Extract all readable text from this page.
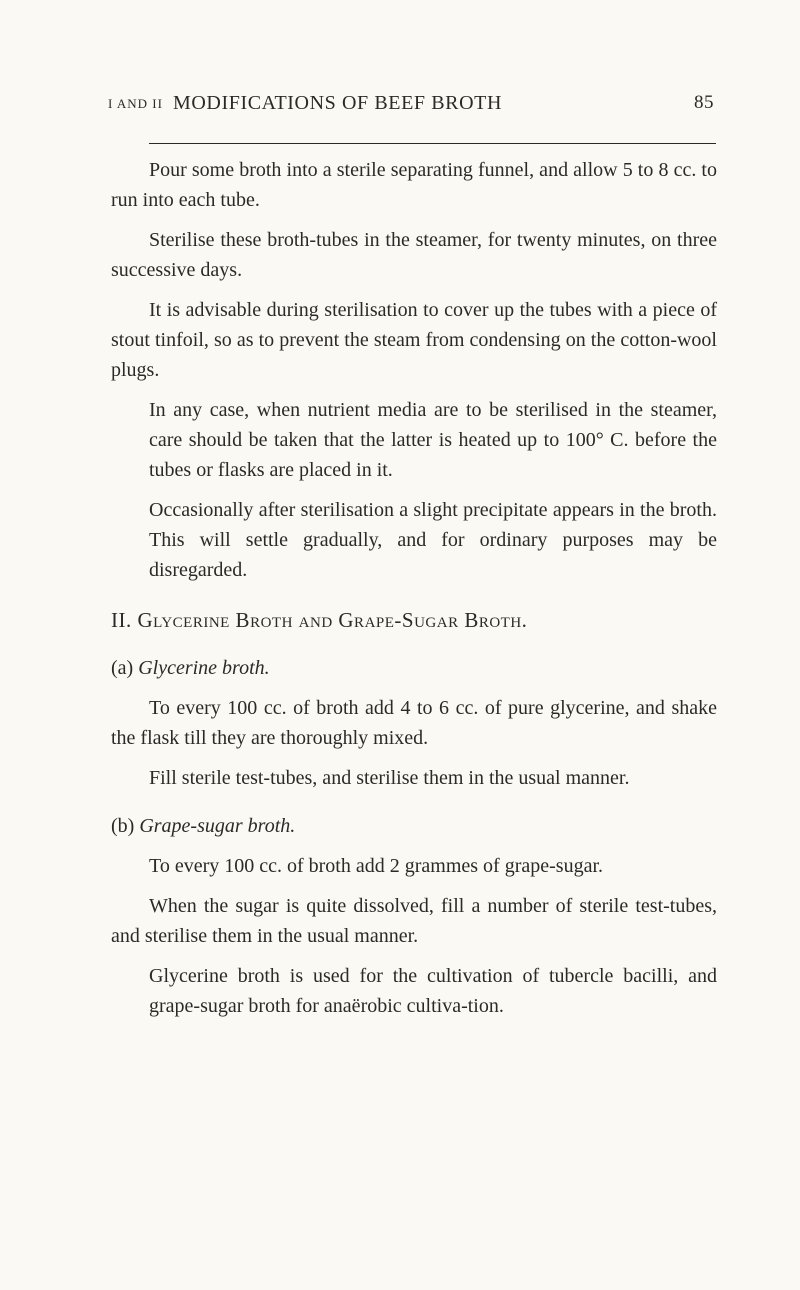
I AND II MODIFICATIONS OF BEEF BROTH	85

Pour some broth into a sterile separating funnel, and allow 5 to 8 cc. to run into each tube.

Sterilise these broth-tubes in the steamer, for twenty minutes, on three successive days.

It is advisable during sterilisation to cover up the tubes with a piece of stout tinfoil, so as to prevent the steam from condensing on the cotton-wool plugs.

In any case, when nutrient media are to be sterilised in the steamer, care should be taken that the latter is heated up to 100° C. before the tubes or flasks are placed in it.

Occasionally after sterilisation a slight precipitate appears in the broth. This will settle gradually, and for ordinary purposes may be disregarded.

II. Glycerine Broth and Grape-Sugar Broth.

(a) Glycerine broth.

To every 100 cc. of broth add 4 to 6 cc. of pure glycerine, and shake the flask till they are thoroughly mixed.

Fill sterile test-tubes, and sterilise them in the usual manner.

(b) Grape-sugar broth.

To every 100 cc. of broth add 2 grammes of grape-sugar.

When the sugar is quite dissolved, fill a number of sterile test-tubes, and sterilise them in the usual manner.

Glycerine broth is used for the cultivation of tubercle bacilli, and grape-sugar broth for anaërobic cultiva-tion.
